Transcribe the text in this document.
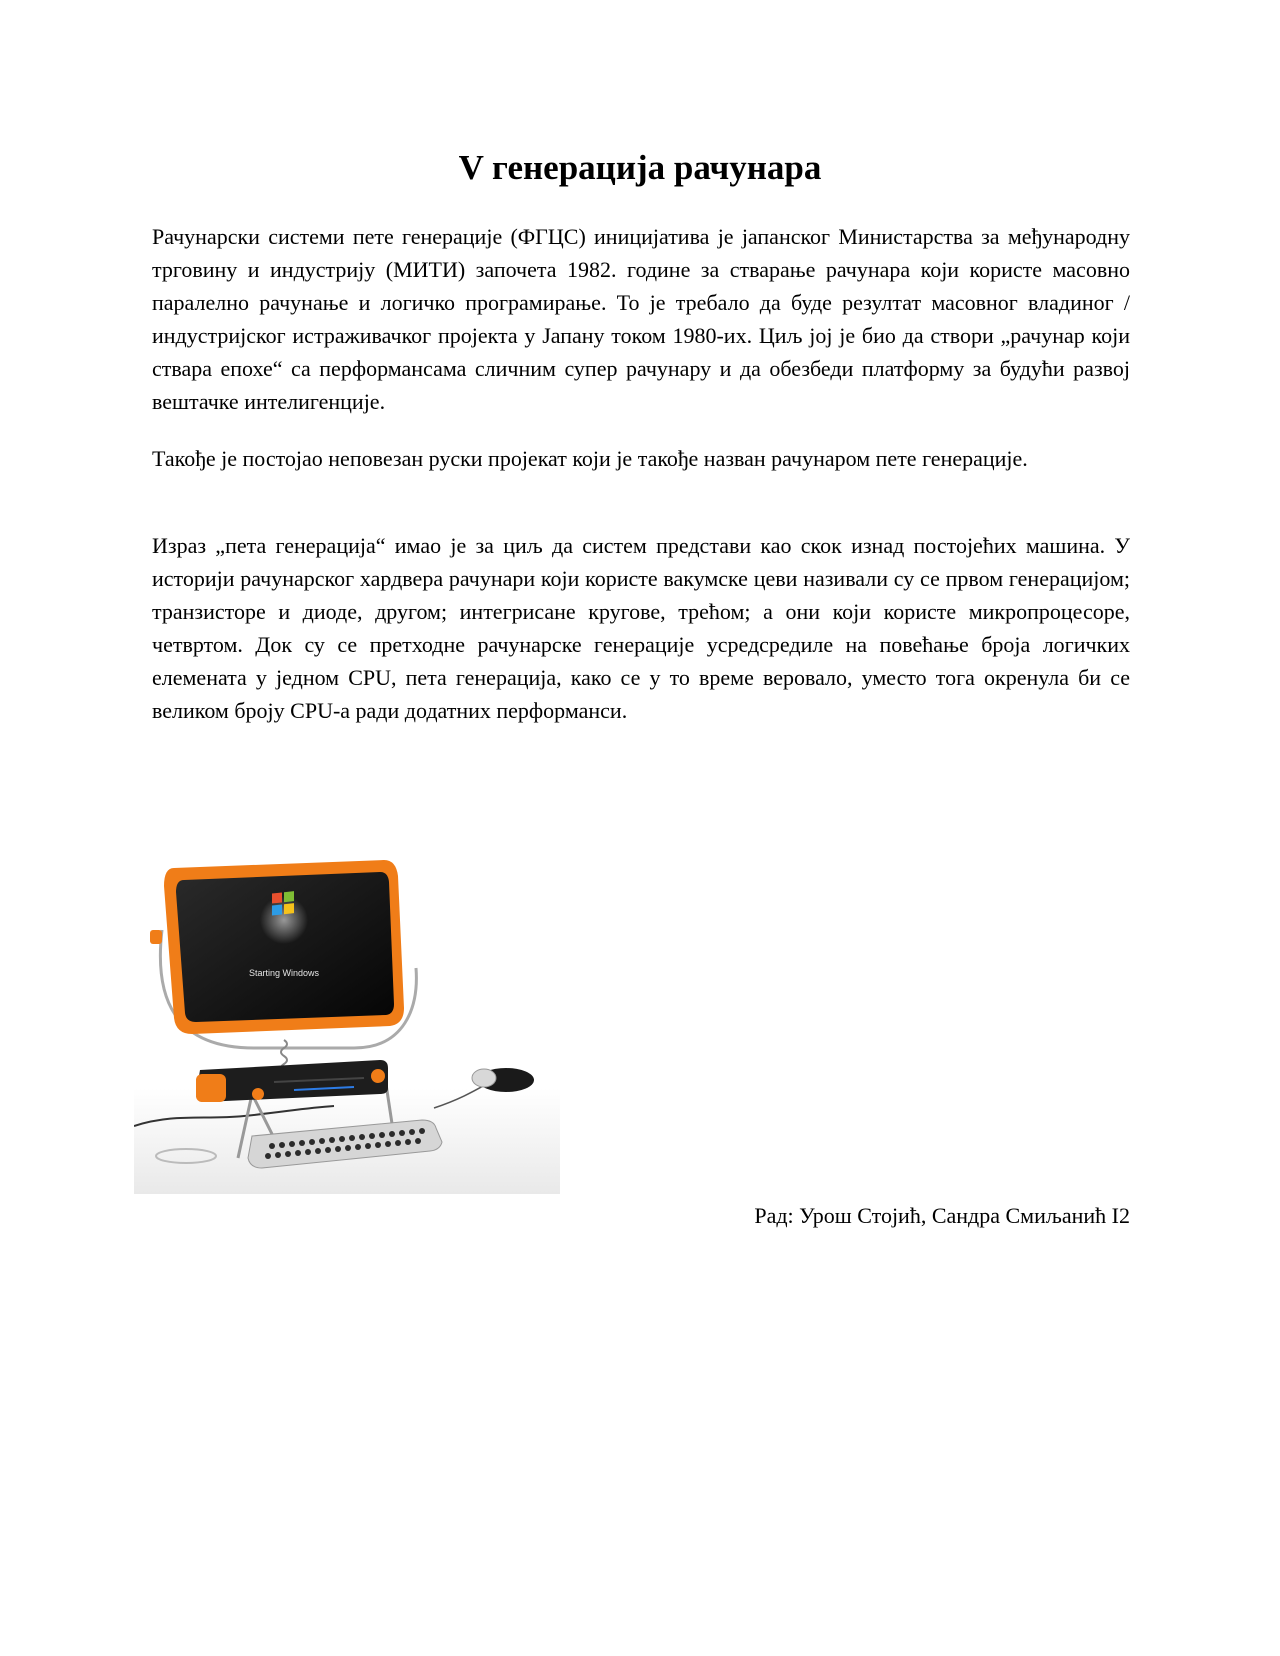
V генерација рачунара

Рачунарски системи пете генерације (ФГЦС) иницијатива је јапанског Министарства за међународну трговину и индустрију (МИТИ) започета 1982. године за стварање рачунара који користе масовно паралелно рачунање и логичко програмирање. То је требало да буде резултат масовног владиног / индустријског истраживачког пројекта у Јапану током 1980-их. Циљ јој је био да створи „рачунар који ствара епохе“ са перформансама сличним супер рачунару и да обезбеди платформу за будући развој вештачке интелигенције.

Такође је постојао неповезан руски пројекат који је такође назван рачунаром пете генерације.

Израз „пета генерација“ имао је за циљ да систем представи као скок изнад постојећих машина. У историји рачунарског хардвера рачунари који користе вакумске цеви називали су се првом генерацијом; транзисторе и диоде, другом; интегрисане кругове, трећом; а они који користе микропроцесоре, четвртом. Док су се претходне рачунарске генерације усредсредиле на повећање броја логичких елемената у једном CPU, пета генерација, како се у то време веровало, уместо тога окренула би се великом броју CPU-а ради додатних перформанси.

Starting Windows

Рад: Урош Стојић, Сандра Смиљанић I2
